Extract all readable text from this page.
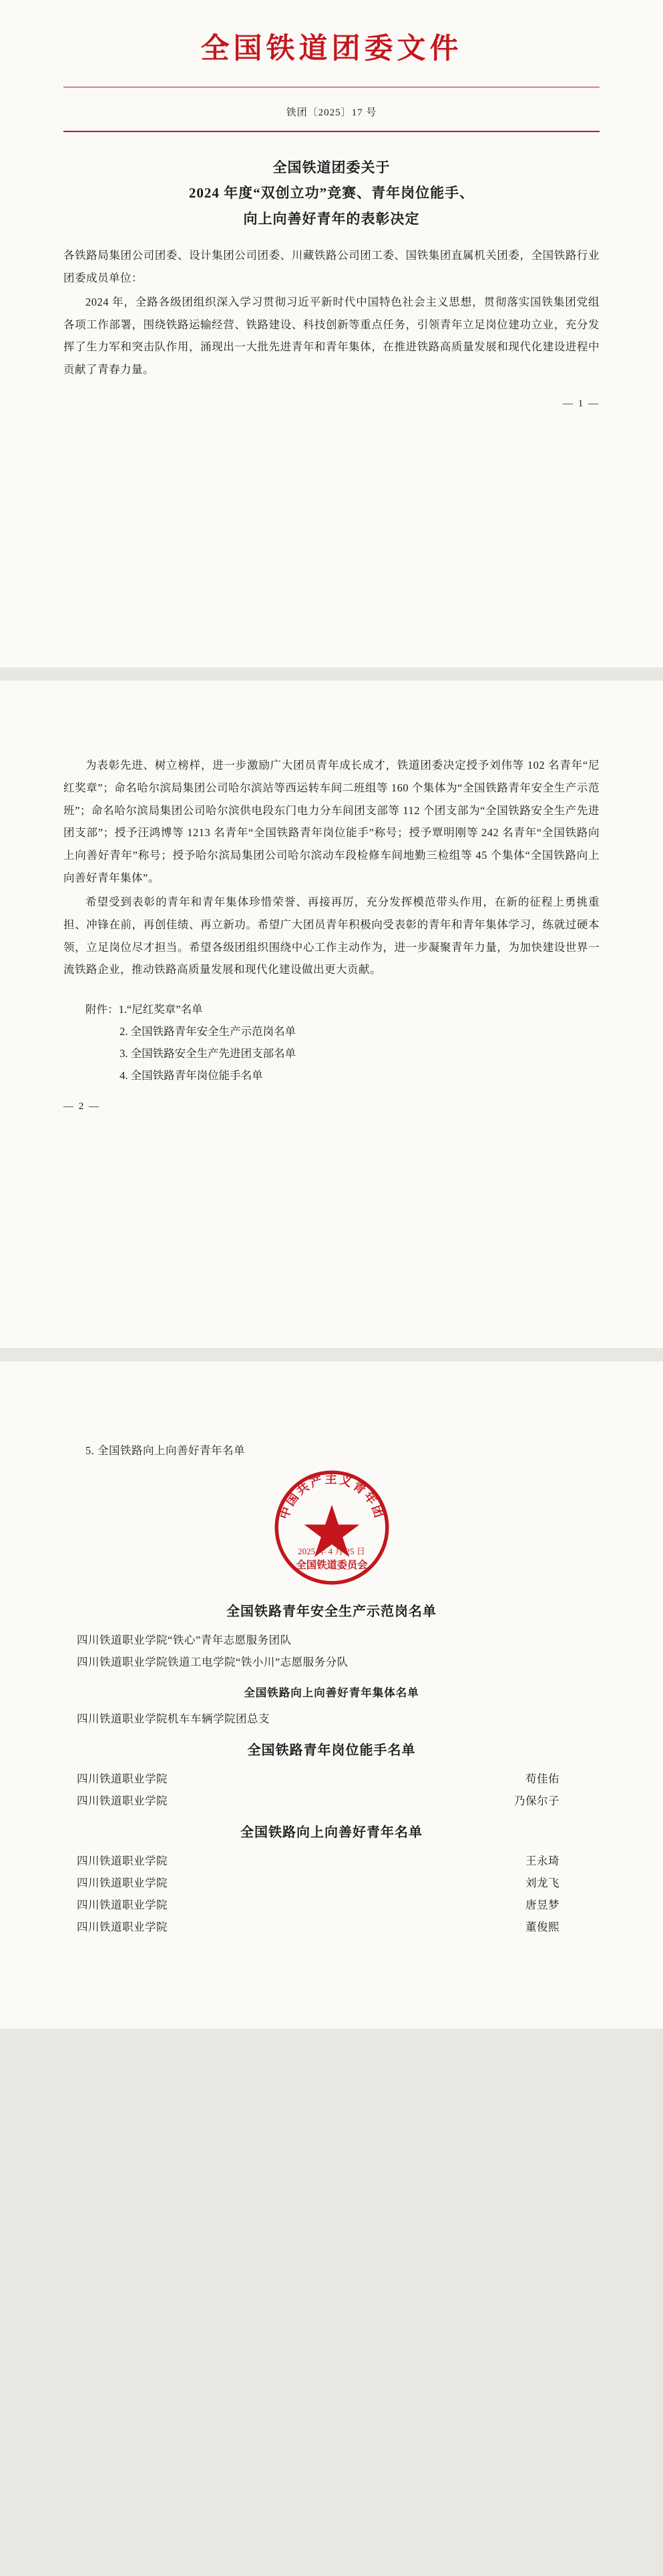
全国铁道团委文件
铁团〔2025〕17 号
全国铁道团委关于
2024 年度“双创立功”竞赛、青年岗位能手、
向上向善好青年的表彰决定

各铁路局集团公司团委、设计集团公司团委、川藏铁路公司团工委、国铁集团直属机关团委，全国铁路行业团委成员单位：

2024 年，全路各级团组织深入学习贯彻习近平新时代中国特色社会主义思想，贯彻落实国铁集团党组各项工作部署，围绕铁路运输经营、铁路建设、科技创新等重点任务，引领青年立足岗位建功立业，充分发挥了生力军和突击队作用，涌现出一大批先进青年和青年集体，在推进铁路高质量发展和现代化建设进程中贡献了青春力量。

— 1 —

为表彰先进、树立榜样，进一步激励广大团员青年成长成才，铁道团委决定授予刘伟等 102 名青年“尼红奖章”；命名哈尔滨局集团公司哈尔滨站等西运转车间二班组等 160 个集体为“全国铁路青年安全生产示范班”；命名哈尔滨局集团公司哈尔滨供电段东门电力分车间团支部等 112 个团支部为“全国铁路安全生产先进团支部”；授予汪鸿博等 1213 名青年“全国铁路青年岗位能手”称号；授予覃明刚等 242 名青年“全国铁路向上向善好青年”称号；授予哈尔滨局集团公司哈尔滨动车段检修车间地勤三检组等 45 个集体“全国铁路向上向善好青年集体”。

希望受到表彰的青年和青年集体珍惜荣誉、再接再厉，充分发挥模范带头作用，在新的征程上勇挑重担、冲锋在前，再创佳绩、再立新功。希望广大团员青年积极向受表彰的青年和青年集体学习，练就过硬本领，立足岗位尽才担当。希望各级团组织围绕中心工作主动作为，进一步凝聚青年力量，为加快建设世界一流铁路企业，推动铁路高质量发展和现代化建设做出更大贡献。

附件：1.“尼红奖章”名单
2. 全国铁路青年安全生产示范岗名单
3. 全国铁路安全生产先进团支部名单
4. 全国铁路青年岗位能手名单
— 2 —
5. 全国铁路向上向善好青年名单
中国共产主义青年团
全国铁道委员会
2025 年 4 月 25 日
全国铁路青年安全生产示范岗名单
四川铁道职业学院“铁心”青年志愿服务团队
四川铁道职业学院铁道工电学院“铁小川”志愿服务分队
全国铁路向上向善好青年集体名单
四川铁道职业学院机车车辆学院团总支
全国铁路青年岗位能手名单
四川铁道职业学院	苟佳佑
四川铁道职业学院	乃保尔子
全国铁路向上向善好青年名单
四川铁道职业学院	王永琦
四川铁道职业学院	刘龙飞
四川铁道职业学院	唐昱梦
四川铁道职业学院	董俊熙
